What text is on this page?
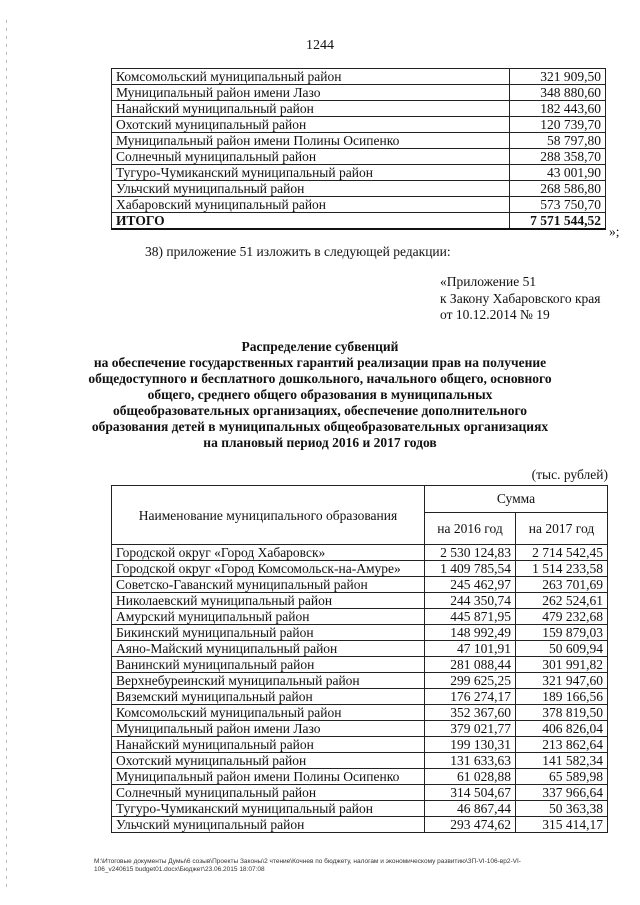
1244
Комсомольский муниципальный район	321 909,50
Муниципальный район имени Лазо	348 880,60
Нанайский муниципальный район	182 443,60
Охотский муниципальный район	120 739,70
Муниципальный район имени Полины Осипенко	58 797,80
Солнечный муниципальный район	288 358,70
Тугуро-Чумиканский муниципальный район	43 001,90
Ульчский муниципальный район	268 586,80
Хабаровский муниципальный район	573 750,70
ИТОГО	7 571 544,52
»;
38) приложение 51 изложить в следующей редакции:
«Приложение 51
к Закону Хабаровского края
от 10.12.2014 № 19
Распределение субвенций
на обеспечение государственных гарантий реализации прав на получение
общедоступного и бесплатного дошкольного, начального общего, основного
общего, среднего общего образования в муниципальных
общеобразовательных организациях, обеспечение дополнительного
образования детей в муниципальных общеобразовательных организациях
на плановый период 2016 и 2017 годов
(тыс. рублей)
Наименование муниципального образования	Сумма	
	на 2016 год	на 2017 год
Городской округ «Город Хабаровск»	2 530 124,83	2 714 542,45
Городской округ «Город Комсомольск-на-Амуре»	1 409 785,54	1 514 233,58
Советско-Гаванский муниципальный район	245 462,97	263 701,69
Николаевский муниципальный район	244 350,74	262 524,61
Амурский муниципальный район	445 871,95	479 232,68
Бикинский муниципальный район	148 992,49	159 879,03
Аяно-Майский муниципальный район	47 101,91	50 609,94
Ванинский муниципальный район	281 088,44	301 991,82
Верхнебуреинский муниципальный район	299 625,25	321 947,60
Вяземский муниципальный район	176 274,17	189 166,56
Комсомольский муниципальный район	352 367,60	378 819,50
Муниципальный район имени Лазо	379 021,77	406 826,04
Нанайский муниципальный район	199 130,31	213 862,64
Охотский муниципальный район	131 633,63	141 582,34
Муниципальный район имени Полины Осипенко	61 028,88	65 589,98
Солнечный муниципальный район	314 504,67	337 966,64
Тугуро-Чумиканский муниципальный район	46 867,44	50 363,38
Ульчский муниципальный район	293 474,62	315 414,17
M:\Итоговые документы Думы\6 созыв\Проекты Законы\2 чтение\Кочнев по бюджету, налогам и экономическому развитию\ЗП-VI-106-вр2-VI-
106_v240615 budget01.docx\Бюджет\23.06.2015 18:07:08
